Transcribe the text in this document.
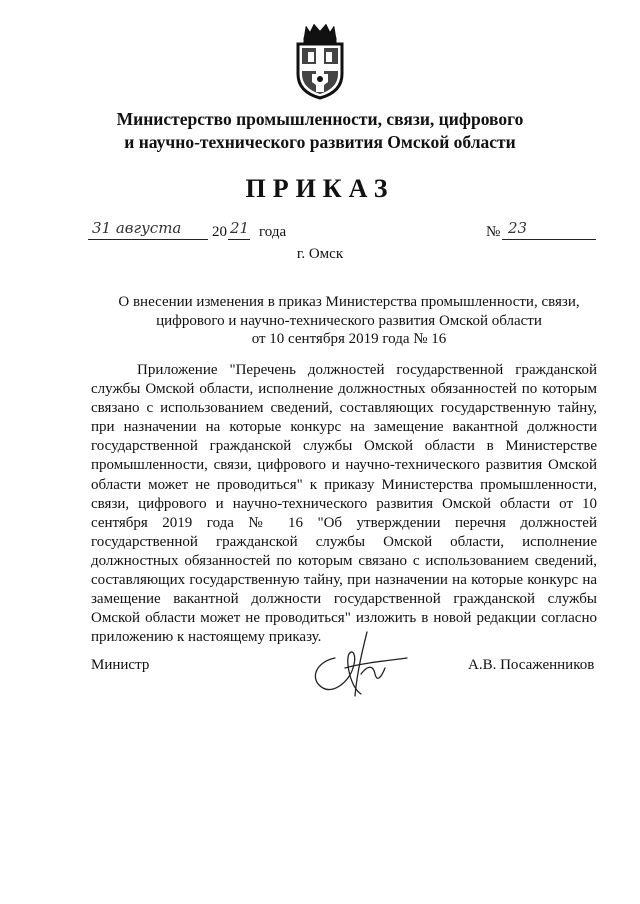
Министерство промышленности, связи, цифрового
и научно-технического развития Омской области
ПРИКАЗ
31 августа 20 21 года	№ 23
г. Омск
О внесении изменения в приказ Министерства промышленности, связи,
цифрового и научно-технического развития Омской области
от 10 сентября 2019 года № 16

Приложение "Перечень должностей государственной гражданской службы Омской области, исполнение должностных обязанностей по которым связано с использованием сведений, составляющих государственную тайну, при назначении на которые конкурс на замещение вакантной должности государственной гражданской службы Омской области в Министерстве промышленности, связи, цифрового и научно-технического развития Омской области может не проводиться" к приказу Министерства промышленности, связи, цифрового и научно-технического развития Омской области от 10 сентября 2019 года № 16 "Об утверждении перечня должностей государственной гражданской службы Омской области, исполнение должностных обязанностей по которым связано с использованием сведений, составляющих государственную тайну, при назначении на которые конкурс на замещение вакантной должности государственной гражданской службы Омской области может не проводиться" изложить в новой редакции согласно приложению к настоящему приказу.

Министр	А.В. Посаженников
